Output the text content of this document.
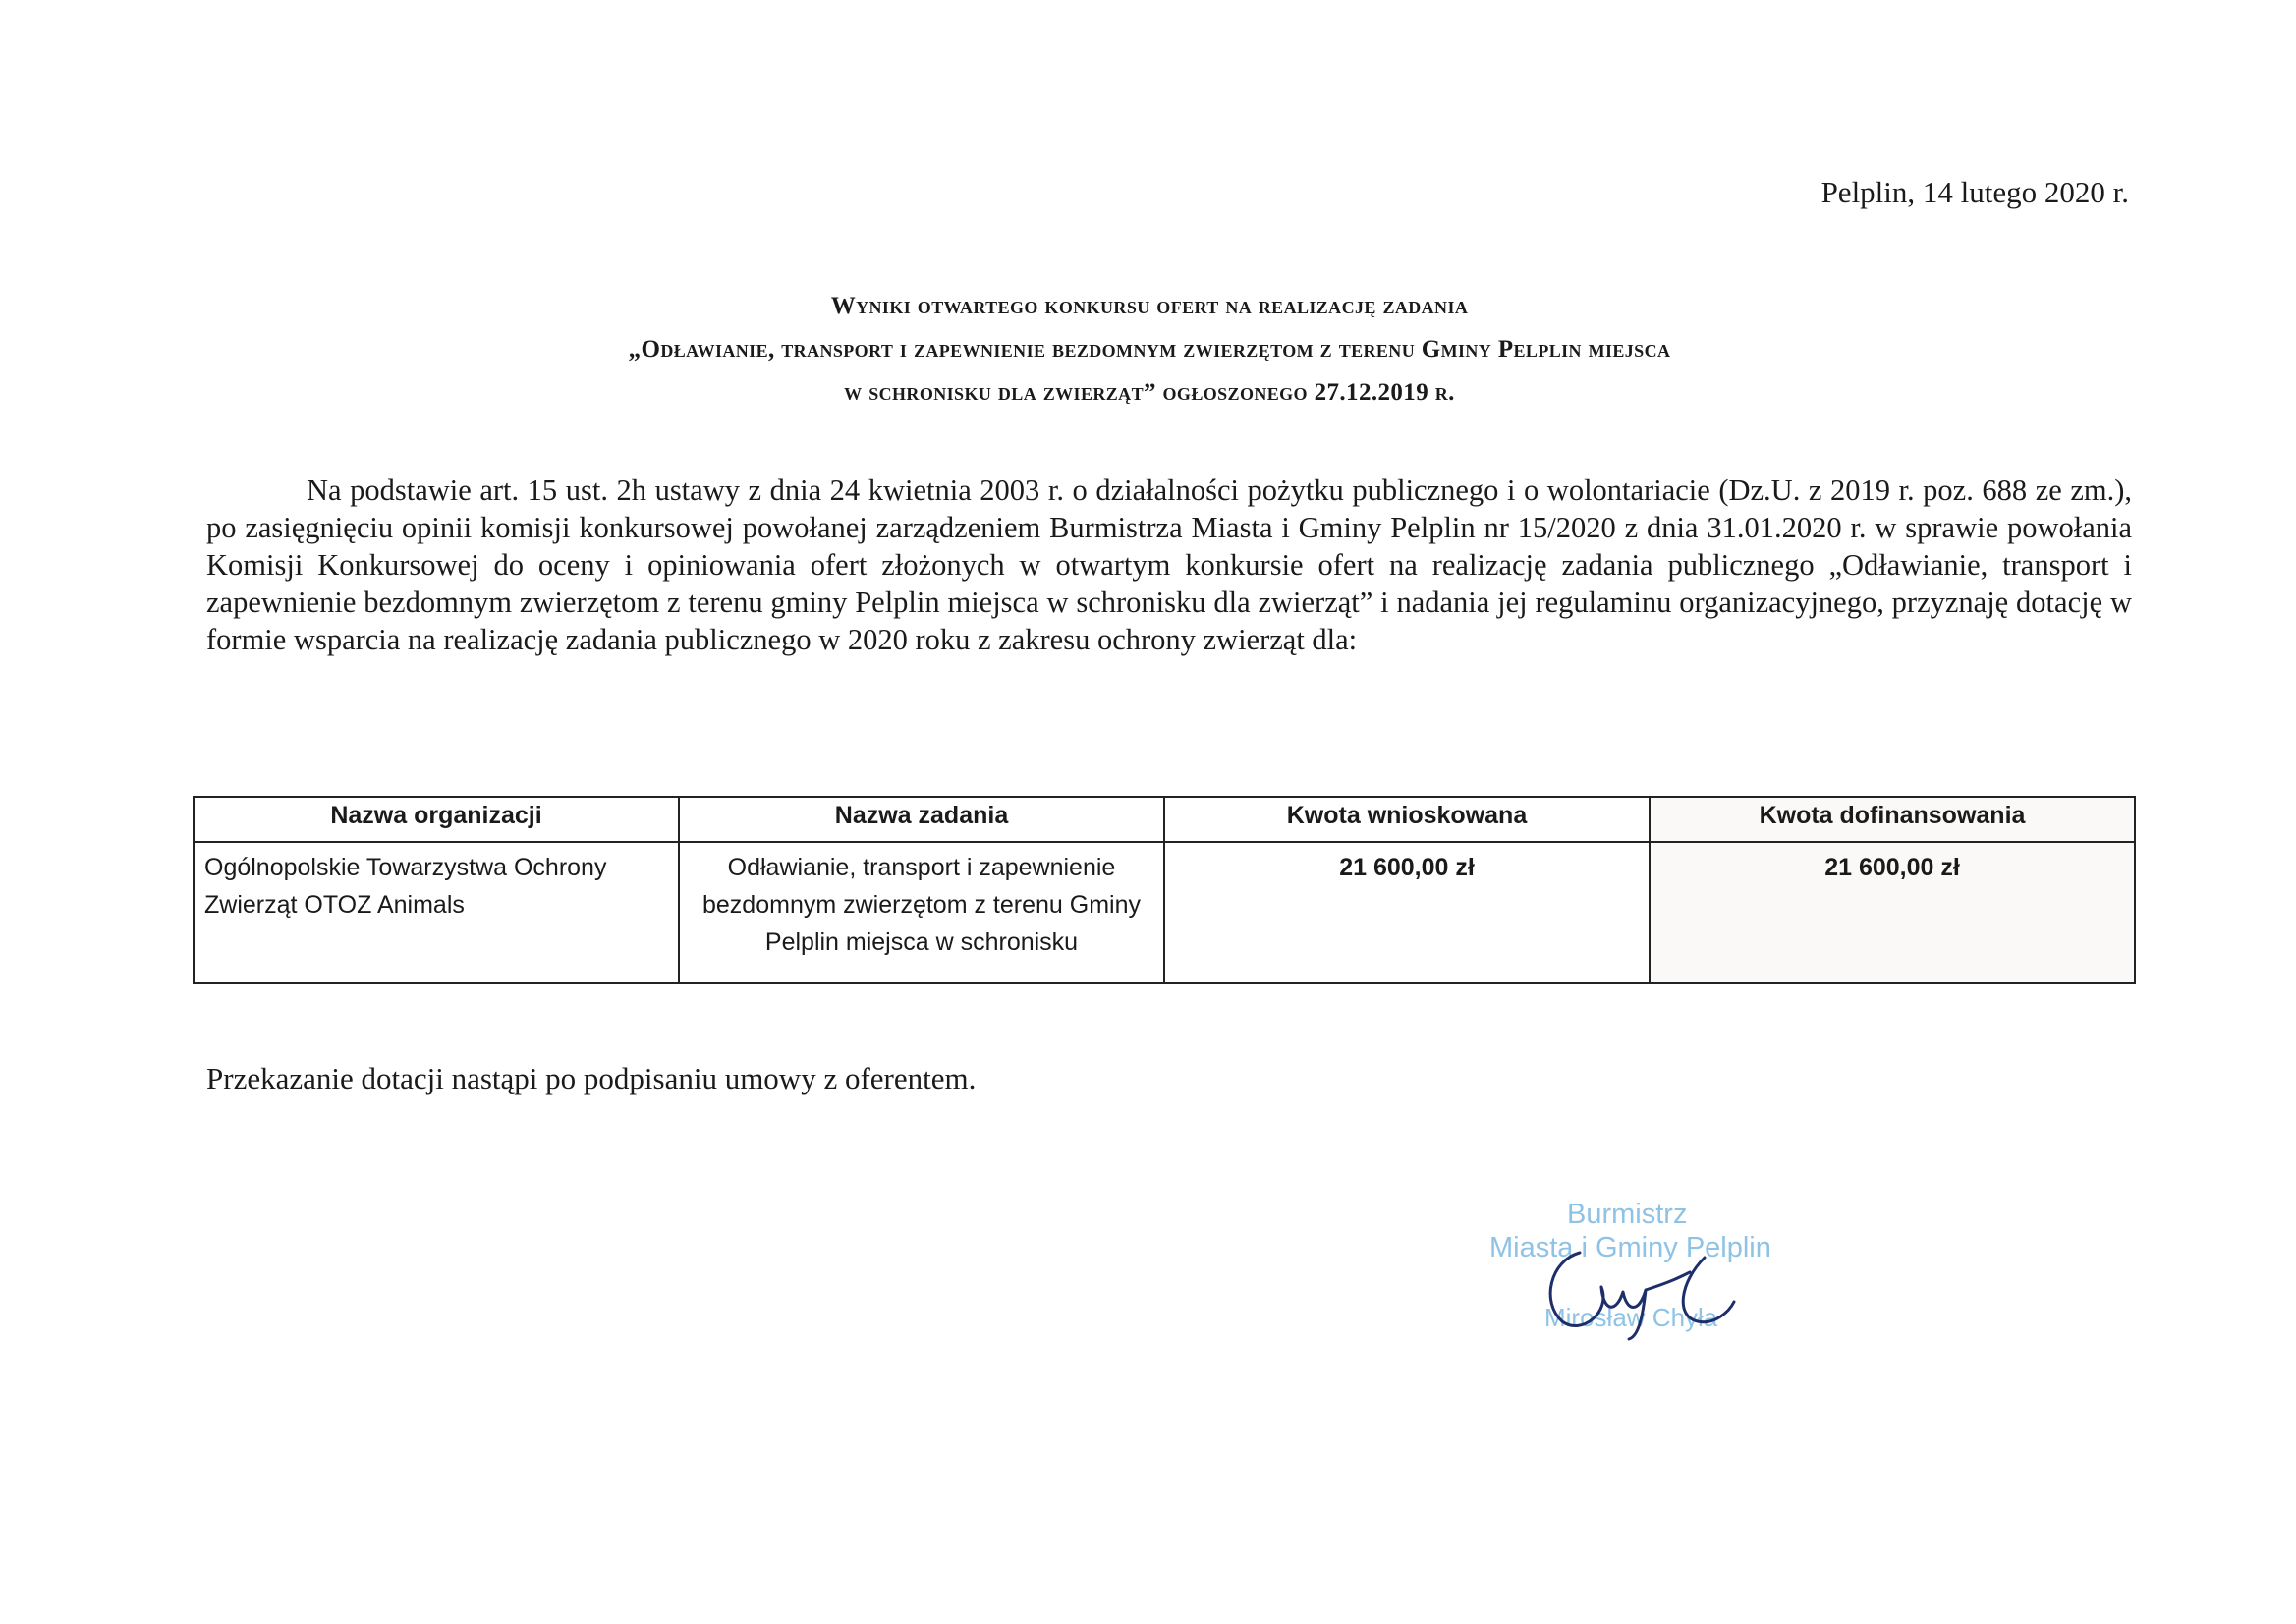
Pelplin, 14 lutego 2020 r.
Wyniki otwartego konkursu ofert na realizację zadania
„Odławianie, transport i zapewnienie bezdomnym zwierzętom z terenu Gminy Pelplin miejsca
w schronisku dla zwierząt” ogłoszonego 27.12.2019 r.
Na podstawie art. 15 ust. 2h ustawy z dnia 24 kwietnia 2003 r. o działalności pożytku publicznego i o wolontariacie (Dz.U. z 2019 r. poz. 688 ze zm.), po zasięgnięciu opinii komisji konkursowej powołanej zarządzeniem Burmistrza Miasta i Gminy Pelplin nr 15/2020 z dnia 31.01.2020 r. w sprawie powołania Komisji Konkursowej do oceny i opiniowania ofert złożonych w otwartym konkursie ofert na realizację zadania publicznego „Odławianie, transport i zapewnienie bezdomnym zwierzętom z terenu gminy Pelplin miejsca w schronisku dla zwierząt” i nadania jej regulaminu organizacyjnego, przyznaję dotację w formie wsparcia na realizację zadania publicznego w 2020 roku z zakresu ochrony zwierząt dla:
Nazwa organizacji	Nazwa zadania	Kwota wnioskowana	Kwota dofinansowania
Ogólnopolskie Towarzystwa Ochrony Zwierząt OTOZ Animals	Odławianie, transport i zapewnienie bezdomnym zwierzętom z terenu Gminy Pelplin miejsca w schronisku	21 600,00 zł	21 600,00 zł
Przekazanie dotacji nastąpi po podpisaniu umowy z oferentem.
Burmistrz
Miasta i Gminy Pelplin
Mirosław Chyła
